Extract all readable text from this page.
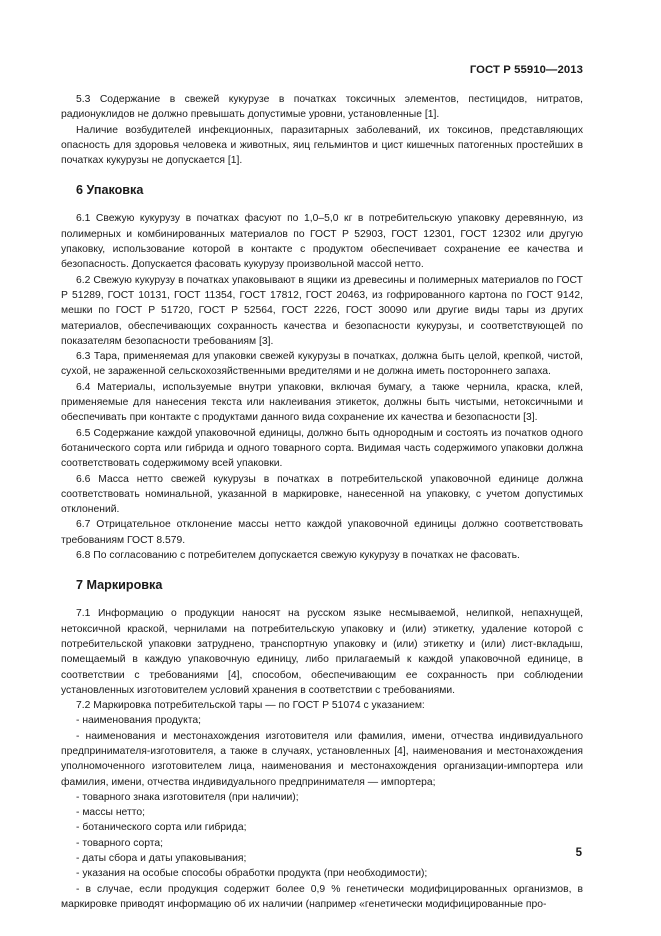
ГОСТ Р 55910—2013

5.3 Содержание в свежей кукурузе в початках токсичных элементов, пестицидов, нитратов, радионуклидов не должно превышать допустимые уровни, установленные [1].

Наличие возбудителей инфекционных, паразитарных заболеваний, их токсинов, представляющих опасность для здоровья человека и животных, яиц гельминтов и цист кишечных патогенных простейших в початках кукурузы не допускается [1].

6 Упаковка

6.1 Свежую кукурузу в початках фасуют по 1,0–5,0 кг в потребительскую упаковку деревянную, из полимерных и комбинированных материалов по ГОСТ Р 52903, ГОСТ 12301, ГОСТ 12302 или другую упаковку, использование которой в контакте с продуктом обеспечивает сохранение ее качества и безопасность. Допускается фасовать кукурузу произвольной массой нетто.

6.2 Свежую кукурузу в початках упаковывают в ящики из древесины и полимерных материалов по ГОСТ Р 51289, ГОСТ 10131, ГОСТ 11354, ГОСТ 17812, ГОСТ 20463, из гофрированного картона по ГОСТ 9142, мешки по ГОСТ Р 51720, ГОСТ Р 52564, ГОСТ 2226, ГОСТ 30090 или другие виды тары из других материалов, обеспечивающих сохранность качества и безопасности кукурузы, и соответствующей по показателям безопасности требованиям [3].

6.3 Тара, применяемая для упаковки свежей кукурузы в початках, должна быть целой, крепкой, чистой, сухой, не зараженной сельскохозяйственными вредителями и не должна иметь постороннего запаха.

6.4 Материалы, используемые внутри упаковки, включая бумагу, а также чернила, краска, клей, применяемые для нанесения текста или наклеивания этикеток, должны быть чистыми, нетоксичными и обеспечивать при контакте с продуктами данного вида сохранение их качества и безопасности [3].

6.5 Содержание каждой упаковочной единицы, должно быть однородным и состоять из початков одного ботанического сорта или гибрида и одного товарного сорта. Видимая часть содержимого упаковки должна соответствовать содержимому всей упаковки.

6.6 Масса нетто свежей кукурузы в початках в потребительской упаковочной единице должна соответствовать номинальной, указанной в маркировке, нанесенной на упаковку, с учетом допустимых отклонений.

6.7 Отрицательное отклонение массы нетто каждой упаковочной единицы должно соответствовать требованиям ГОСТ 8.579.

6.8 По согласованию с потребителем допускается свежую кукурузу в початках не фасовать.

7 Маркировка

7.1 Информацию о продукции наносят на русском языке несмываемой, нелипкой, непахнущей, нетоксичной краской, чернилами на потребительскую упаковку и (или) этикетку, удаление которой с потребительской упаковки затруднено, транспортную упаковку и (или) этикетку и (или) лист-вкладыш, помещаемый в каждую упаковочную единицу, либо прилагаемый к каждой упаковочной единице, в соответствии с требованиями [4], способом, обеспечивающим ее сохранность при соблюдении установленных изготовителем условий хранения в соответствии с требованиями.

7.2 Маркировка потребительской тары — по ГОСТ Р 51074 с указанием:

- наименования продукта;

- наименования и местонахождения изготовителя или фамилия, имени, отчества индивидуального предпринимателя-изготовителя, а также в случаях, установленных [4], наименования и местонахождения уполномоченного изготовителем лица, наименования и местонахождения организации-импортера или фамилия, имени, отчества индивидуального предпринимателя — импортера;

- товарного знака изготовителя (при наличии);

- массы нетто;

- ботанического сорта или гибрида;

- товарного сорта;

- даты сбора и даты упаковывания;

- указания на особые способы обработки продукта (при необходимости);

- в случае, если продукция содержит более 0,9 % генетически модифицированных организмов, в маркировке приводят информацию об их наличии (например «генетически модифицированные про-

5
